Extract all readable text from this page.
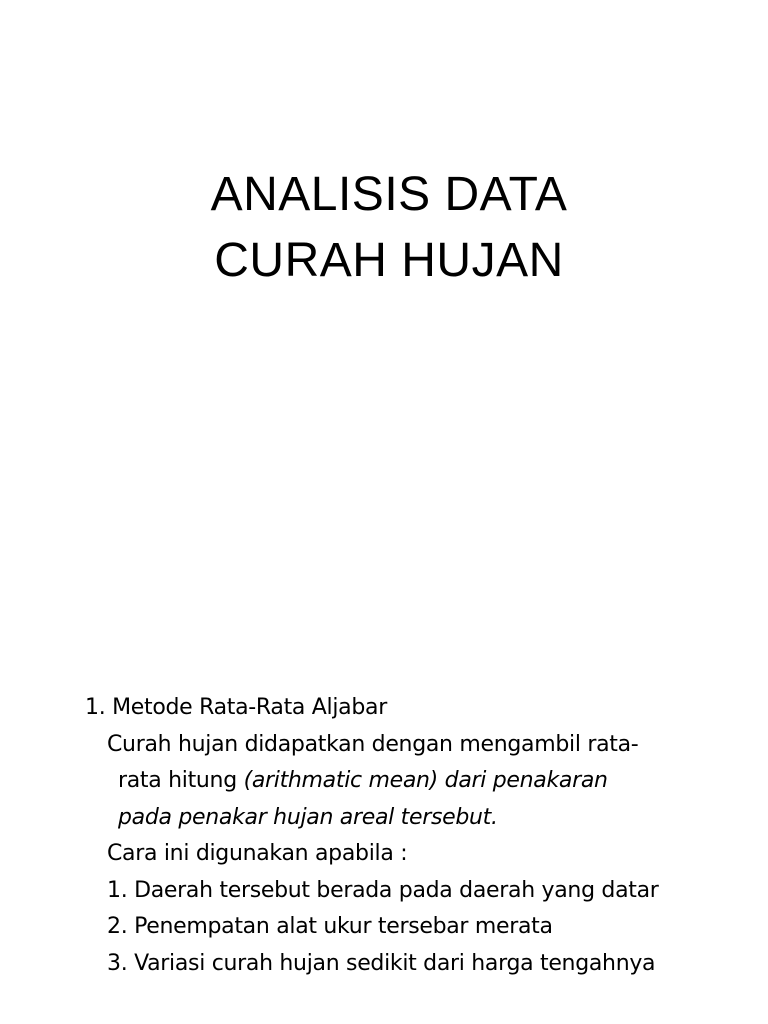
ANALISIS DATA
CURAH HUJAN
1. Metode Rata-Rata Aljabar
Curah hujan didapatkan dengan mengambil rata-
rata hitung (arithmatic mean) dari penakaran
pada penakar hujan areal tersebut.
Cara ini digunakan apabila :
1. Daerah tersebut berada pada daerah yang datar
2. Penempatan alat ukur tersebar merata
3. Variasi curah hujan sedikit dari harga tengahnya
